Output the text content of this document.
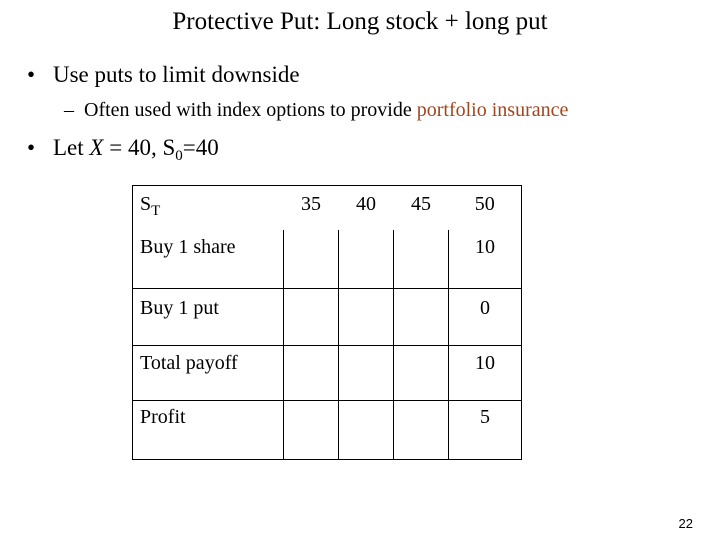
Protective Put: Long stock + long put
• Use puts to limit downside
– Often used with index options to provide portfolio insurance
• Let X = 40, $S_0=40$
$S_T$	35	40	45	50
Buy 1 share				10
Buy 1 put				0
Total payoff				10
Profit				5
22
